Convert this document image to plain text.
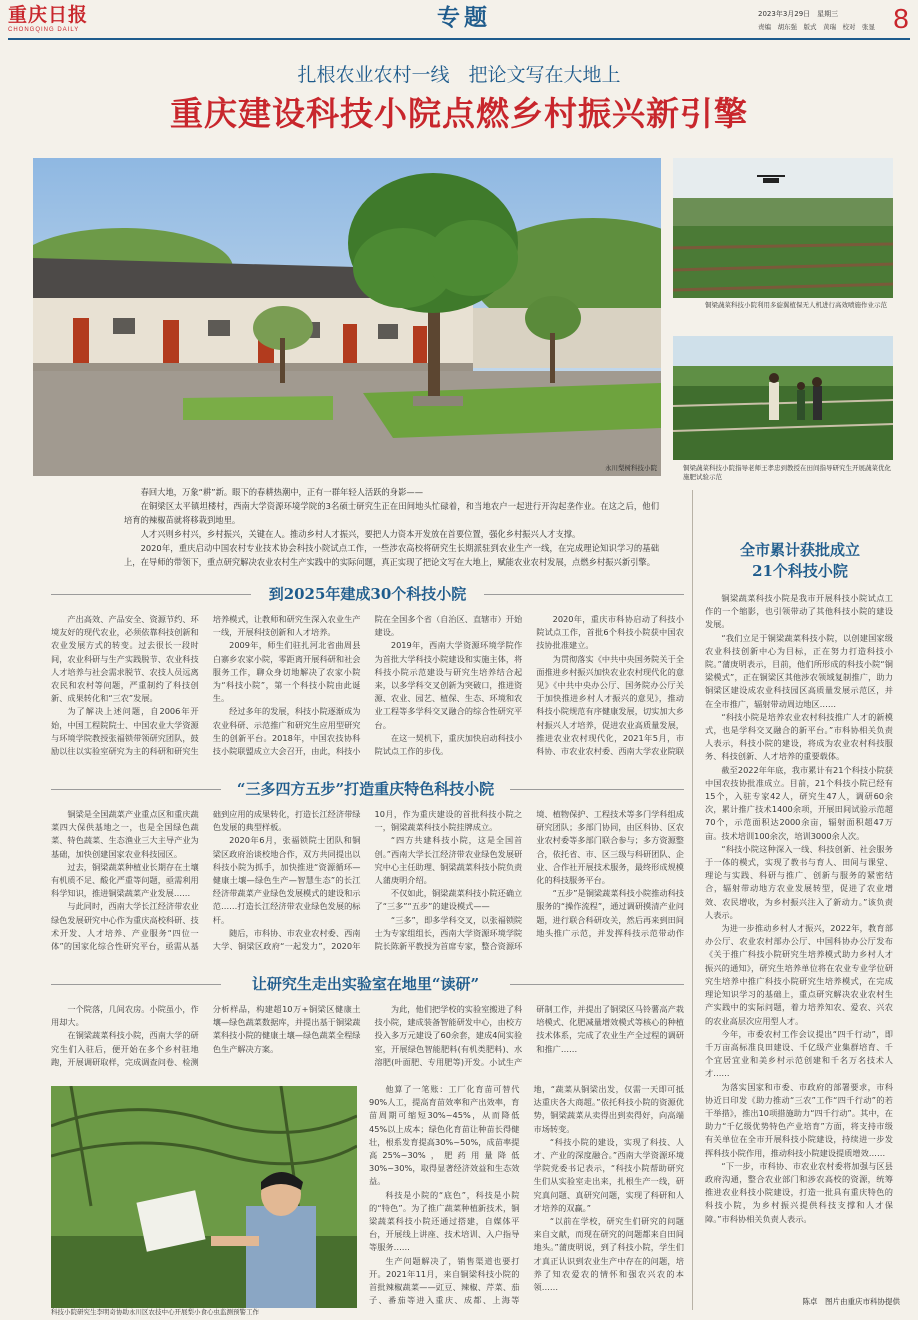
重庆日报
CHONGQING DAILY	专题	2023年3月29日　星期三
责编　胡东强　版式　黄瑞　校对　张显 8
扎根农业农村一线　把论文写在大地上
重庆建设科技小院点燃乡村振兴新引擎
永川梨树科技小院
铜梁蔬菜科技小院利用多旋翼植保无人机进行高效喷施作业示范
铜梁蔬菜科技小院指导老师王孝忠到教授在田间指导研究生开展蔬菜优化施肥试验示范

春回大地，万象“耕”新。眼下的春耕热潮中，正有一群年轻人活跃的身影——

在铜梁区太平镇坦楼村，西南大学资源环境学院的3名硕士研究生正在田间地头忙碌着，和当地农户一起进行开沟起垄作业。在这之后，他们培育的辣椒苗就将移栽到地里。

人才兴则乡村兴，乡村振兴，关键在人。推动乡村人才振兴，要把人力资本开发放在首要位置，强化乡村振兴人才支撑。

2020年，重庆启动中国农村专业技术协会科技小院试点工作，一些涉农高校将研究生长期派驻到农业生产一线，在完成理论知识学习的基础上，在导师的带领下，重点研究解决农业农村生产实践中的实际问题，真正实现了把论文写在大地上，赋能农业农村发展，点燃乡村振兴新引擎。

到2025年建成30个科技小院

产出高效、产品安全、资源节约、环境友好的现代农业，必须依靠科技创新和农业发展方式的转变。过去很长一段时间，农业科研与生产实践脱节、农业科技人才培养与社会需求脱节、农技人员远离农民和农村等问题，严重制约了科技创新、成果转化和“三农”发展。

为了解决上述问题，自2006年开始，中国工程院院士、中国农业大学资源与环境学院教授张福锁带领研究团队，鼓励以往以实验室研究为主的科研和研究生培养模式，让教师和研究生深入农业生产一线，开展科技创新和人才培养。

2009年，师生们驻扎河北省曲周县白寨乡农家小院，零距离开展科研和社会服务工作，聊众身切地解决了农家小院为“科技小院”，第一个科技小院由此诞生。

经过多年的发展，科技小院逐渐成为农业科研、示范推广和研究生应用型研究生的创新平台。2018年，中国农技协科技小院联盟成立大会召开，由此，科技小院在全国多个省（自治区、直辖市）开始建设。

2019年，西南大学资源环境学院作为首批大学科技小院建设和实施主体，将科技小院示范建设与研究生培养结合起来，以多学科交叉创新为突破口，推进资源、农业、园艺、植保、生态、环境和农业工程等多学科交叉融合的综合性研究平台。

在这一契机下，重庆加快启动科技小院试点工作的步伐。

2020年，重庆市科协启动了科技小院试点工作，首批6个科技小院获中国农技协批准建立。

为贯彻落实《中共中央国务院关于全面推进乡村振兴加快农业农村现代化的意见》《中共中央办公厅、国务院办公厅关于加快推进乡村人才振兴的意见》，推动科技小院规范有序健康发展，切实加大乡村振兴人才培养，促进农业高质量发展，推进农业农村现代化，2021年5月，市科协、市农业农村委、西南大学农业院联

“三多四方五步”打造重庆特色科技小院

铜梁是全国蔬菜产业重点区和重庆蔬菜四大保供基地之一，也是全国绿色蔬菜、特色蔬菜、生态渔业三大主导产业为基础，加快创建国家农业科技园区。

过去，铜梁蔬菜种植业长期存在土壤有机质不足、酸化严重等问题，亟需利用科学知识，推进铜梁蔬菜产业发展……

与此同时，西南大学长江经济带农业绿色发展研究中心作为重庆高校科研、技术开发、人才培养、产业服务“四位一体”的国家化综合性研究平台，亟需从基础到应用的成果转化，打造长江经济带绿色发展的典型样板。

2020年6月，张福锁院士团队和铜梁区政府治谈校地合作，双方共同提出以科技小院为抓手，加快推进“资源循环—健康土壤—绿色生产—智慧生态”的长江经济带蔬菜产业绿色发展模式的建设和示范……打造长江经济带农业绿色发展的标杆。

随后，市科协、市农业农村委、西南大学、铜梁区政府“一起发力”，2020年10月，作为重庆建设的首批科技小院之一，铜梁蔬菜科技小院挂牌成立。

“四方共建科技小院，这是全国首创。”西南大学长江经济带农业绿色发展研究中心主任助理、铜梁蔬菜科技小院负责人蒲庚明介绍。

不仅如此，铜梁蔬菜科技小院还确立了“三多”“五步”的建设模式——

“三多”，即多学科交叉，以张福锁院士为专家组组长，西南大学资源环境学院院长陈新平教授为首席专家，整合资源环境、植物保护、工程技术等多门学科组成研究团队；多部门协同，由区科协、区农业农村委等多部门联合参与；多方资源整合，依托省、市、区三级与科研团队、企业、合作社开展技术服务，最终形成规模化的科技服务平台。

“五步”是铜梁蔬菜科技小院推动科技服务的“操作流程”，通过调研摸清产业问题，进行联合科研攻关，然后再来到田间地头推广示范，并发挥科技示范带动作

让研究生走出实验室在地里“读研”

一个院落，几间农房。小院虽小，作用却大。

在铜梁蔬菜科技小院，西南大学的研究生们入驻后，便开始在多个乡村驻地跑，开展调研取样，完成调查问卷、检测分析样品，构建超10万+铜梁区健康土壤—绿色蔬菜数据库，并提出基于铜梁蔬菜科技小院的健康土壤—绿色蔬菜全程绿色生产解决方案。

为此，他们把学校的实验室搬进了科技小院，建成装备智能研发中心，由校方投入多万元建设了60余套，建成4间实验室，开展绿色智能肥料(有机类肥料)、水溶肥(叶面肥、专用肥等)开发。小试生产研制工作，并提出了铜梁区马铃薯高产栽培模式、化肥减量增效模式等核心的种植技术体系，完成了农业生产全过程的调研和推广……

科技小院研究生李明奇协助永川区农技中心开展梨小食心虫监测预警工作

他算了一笔账：工厂化育苗可替代90%人工，提高育苗效率和产出效率，育苗周期可缩短30%~45%，从而降低45%以上成本；绿色化育苗让种苗长得健壮，根系发育提高30%~50%，成苗率提高25%~30%，肥药用量降低30%~30%，取得显著经济效益和生态效益。

科技是小院的“底色”，科技是小院的“特色”。为了推广蔬菜种植新技术，铜梁蔬菜科技小院还通过搭建，自媒体平台，开展线上讲座、技术培训、入户指导等服务……

生产问题解决了，销售渠道也要打开。2021年11月，来自铜梁科技小院的首批辣椒蔬菜——豇豆、辣椒、芹菜、茄子、番茄等进入重庆、成都、上海等地，“蔬菜从铜梁出发，仅需一天即可抵达重庆各大商超。”依托科技小院的资源优势，铜梁蔬菜从卖得出到卖得好，向高端市场转变。

“科技小院的建设，实现了科技、人才、产业的深度融合。”西南大学资源环境学院党委书记表示，“科技小院帮助研究生们从实验室走出来，扎根生产一线，研究真问题、真研究问题，实现了科研和人才培养的双赢。”

“以前在学校，研究生们研究的问题来自文献，而现在研究的问题都来自田间地头。”蒲庚明说，到了科技小院，学生们才真正认识到农业生产中存在的问题，培养了知农爱农的情怀和强农兴农的本领……

全市累计获批成立
21个科技小院

铜梁蔬菜科技小院是我市开展科技小院试点工作的一个缩影，也引领带动了其他科技小院的建设发展。

“我们立足于铜梁蔬菜科技小院，以创建国家级农业科技创新中心为目标，正在努力打造科技小院。”蒲庚明表示，目前，他们所形成的科技小院“铜梁模式”，正在铜梁区其他涉农领域复制推广，助力铜梁区建设成农业科技园区高质量发展示范区，并在全市推广，辐射带动周边地区……

“科技小院是培养农业农村科技推广人才的新模式，也是学科交叉融合的新平台。”市科协相关负责人表示，科技小院的建设，将成为农业农村科技服务、科技创新、人才培养的重要载体。

截至2022年年底，我市累计有21个科技小院获中国农技协批准成立。目前，21个科技小院已经有15个，入驻专家42人，研究生47人，调研60余次，累计推广技术1400余项，开展田间试验示范超70个，示范面积达2000余亩，辐射面积超47万亩。技术培训100余次，培训3000余人次。

“科技小院这种深入一线、科技创新、社会服务于一体的模式，实现了教书与育人、田间与课堂、理论与实践、科研与推广、创新与服务的紧密结合，辐射带动地方农业发展转型，促进了农业增效、农民增收，为乡村振兴注入了新动力。”该负责人表示。

为进一步推动乡村人才振兴，2022年，教育部办公厅、农业农村部办公厅、中国科协办公厅发布《关于推广科技小院研究生培养模式助力乡村人才振兴的通知》，研究生培养单位将在农业专业学位研究生培养中推广科技小院研究生培养模式，在完成理论知识学习的基础上，重点研究解决农业农村生产实践中的实际问题，着力培养知农、爱农、兴农的农业高层次应用型人才。

今年，市委农村工作会议提出“四千行动”，即千万亩高标准良田建设、千亿级产业集群培育、千个宜居宜业和美乡村示范创建和千名万名技术人才……

为落实国家和市委、市政府的部署要求，市科协近日印发《助力推动“三农”工作“四千行动”的若干举措》，推出10项措施助力“四千行动”。其中，在助力“千亿级优势特色产业培育”方面，将支持市级有关单位在全市开展科技小院建设，持续进一步发挥科技小院作用，推动科技小院建设提质增效……

“下一步，市科协、市农业农村委将加强与区县政府沟通，整合农业部门和涉农高校的资源，统筹推进农业科技小院建设，打造一批具有重庆特色的科技小院，为乡村振兴提供科技支撑和人才保障。”市科协相关负责人表示。

陈卓　图片由重庆市科协提供
